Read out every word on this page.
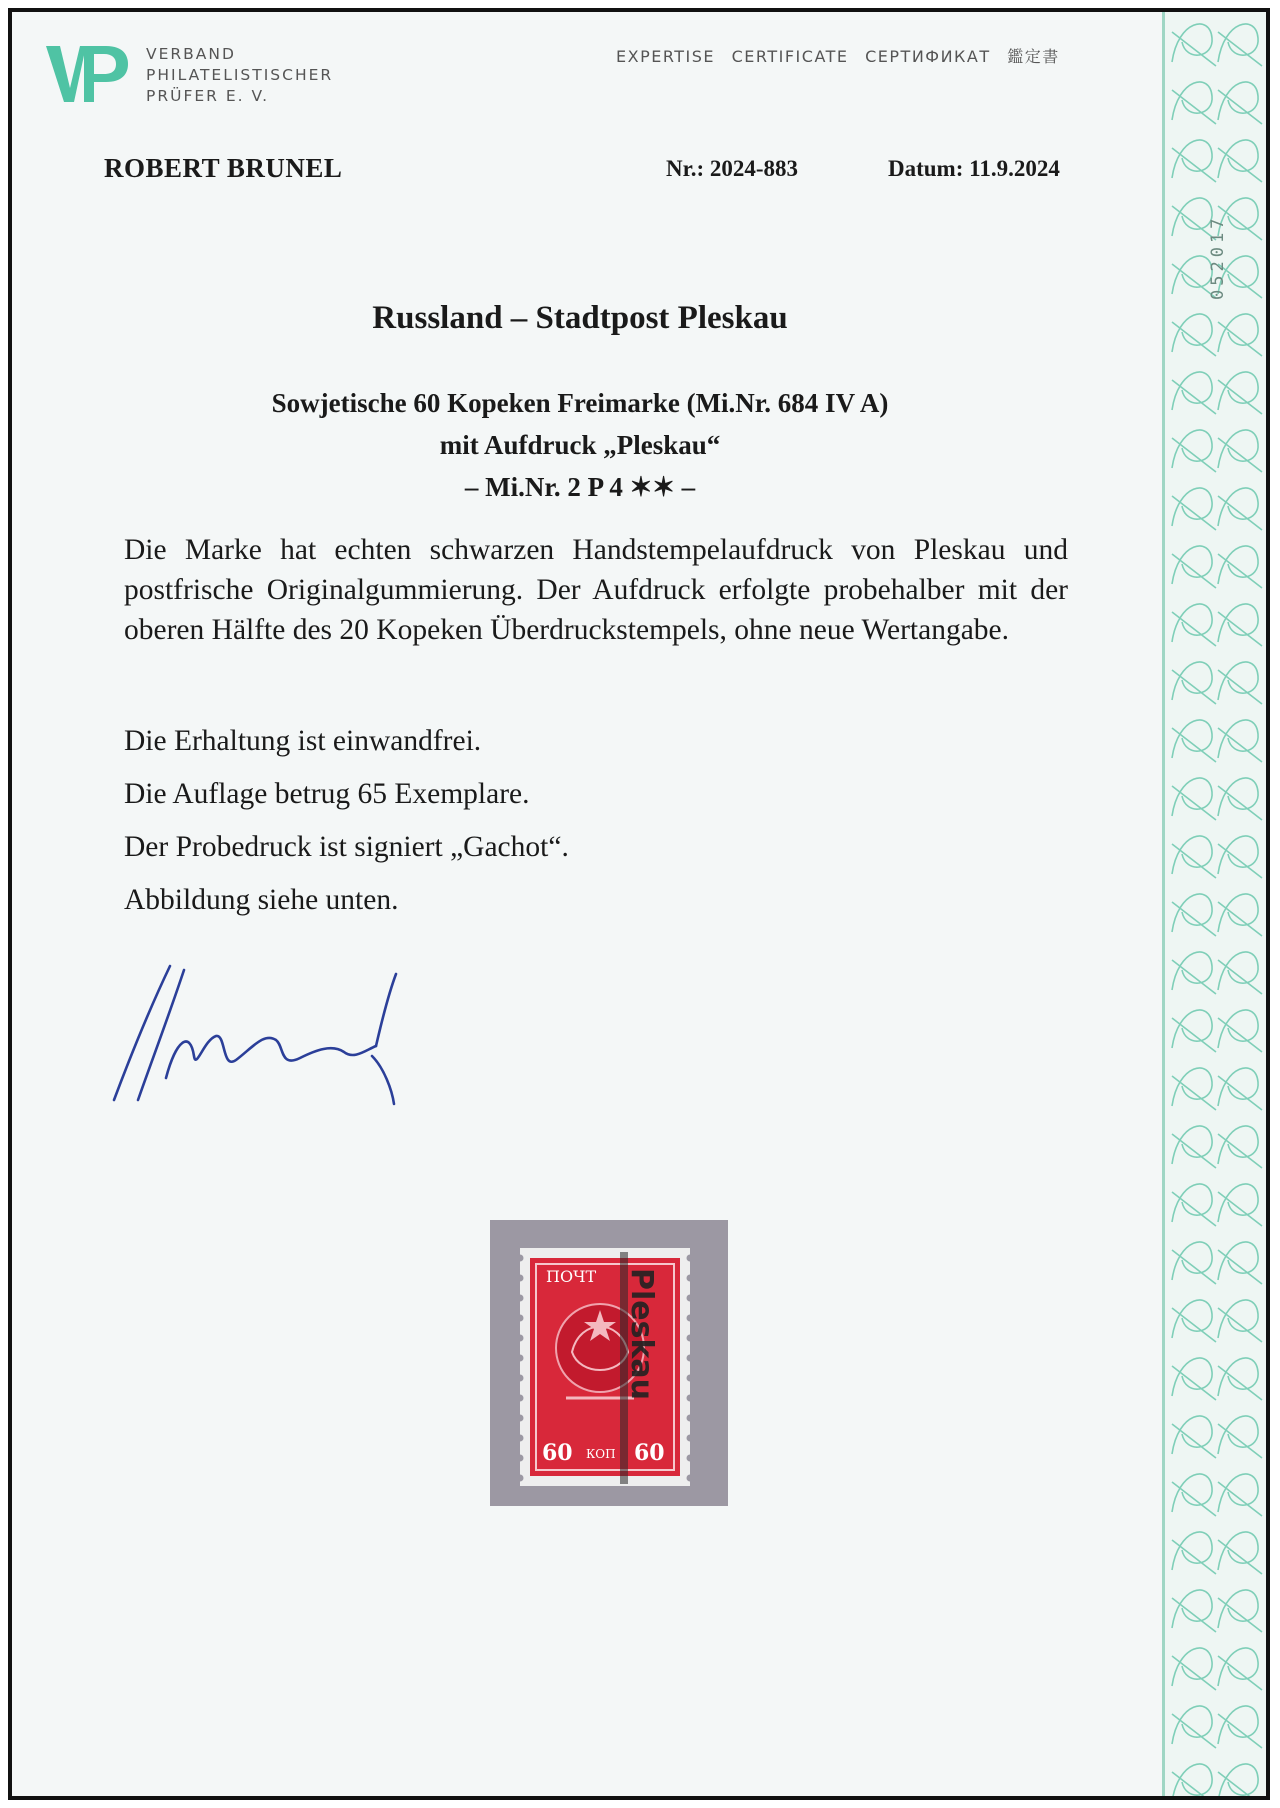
052017
VERBAND
PHILATELISTISCHER
PRÜFER E. V.
EXPERTISE CERTIFICATE СЕРТИФИКАТ 鑑定書
ROBERT BRUNEL	Nr.: 2024-883	Datum: 11.9.2024
Russland – Stadtpost Pleskau
Sowjetische 60 Kopeken Freimarke (Mi.Nr. 684 IV A)
mit Aufdruck „Pleskau“
– Mi.Nr. 2 P 4 ✶✶ –
Die Marke hat echten schwarzen Handstempelaufdruck von Pleskau und postfrische Originalgummierung. Der Aufdruck erfolgte probehalber mit der oberen Hälfte des 20 Kopeken Überdruckstempels, ohne neue Wertangabe.
Die Erhaltung ist einwandfrei.
Die Auflage betrug 65 Exemplare.
Der Probedruck ist signiert „Gachot“.
Abbildung siehe unten.
ПОЧТ
60 КОП 60
Pleskau
